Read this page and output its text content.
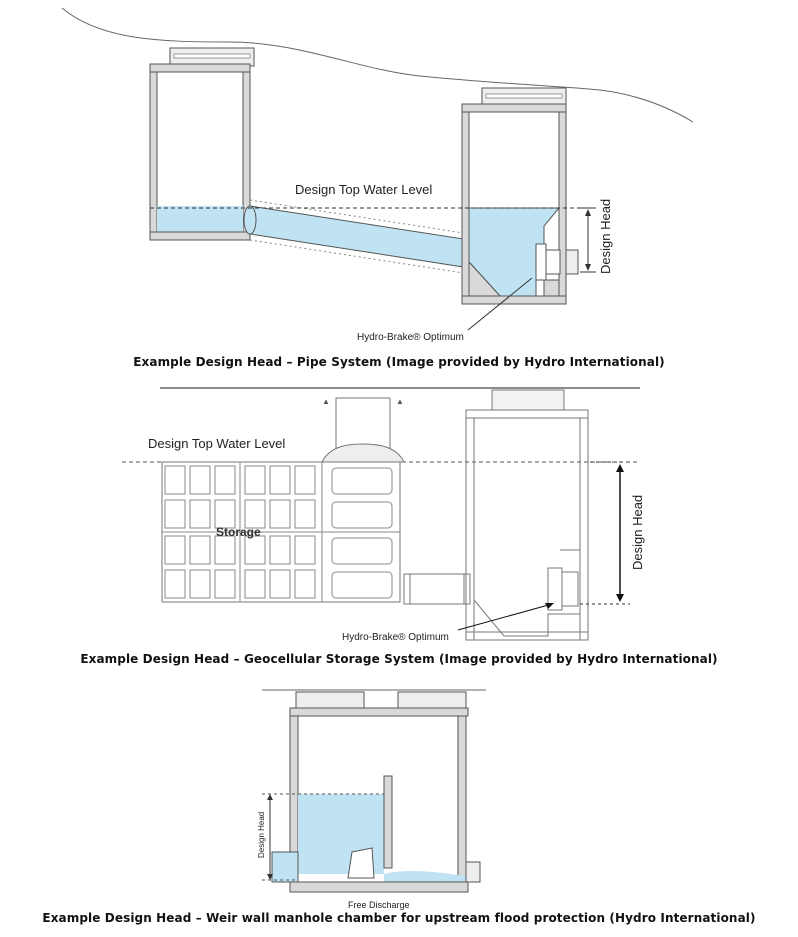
Design Top Water Level
Design Head
Hydro-Brake® Optimum
Example Design Head – Pipe System (Image provided by Hydro International)
Design Top Water Level
Storage
▲	▲
Design Head
Hydro-Brake® Optimum
Example Design Head – Geocellular Storage System (Image provided by Hydro International)
Design Head
Free Discharge
Example Design Head – Weir wall manhole chamber for upstream flood protection (Hydro International)
